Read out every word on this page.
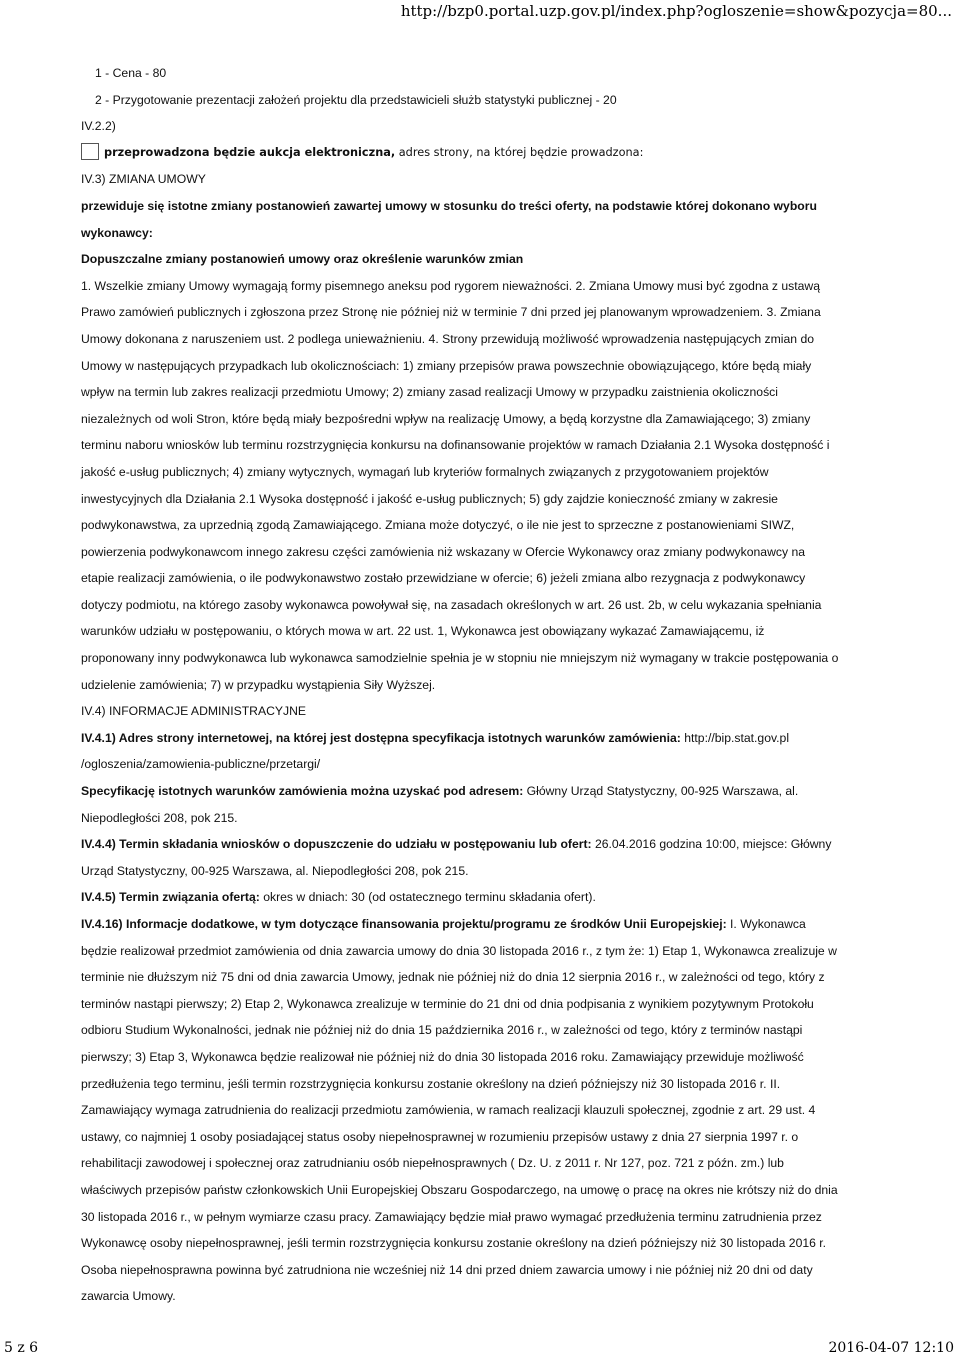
http://bzp0.portal.uzp.gov.pl/index.php?ogloszenie=show&pozycja=80...

1 - Cena - 80

2 - Przygotowanie prezentacji założeń projektu dla przedstawicieli służb statystyki publicznej - 20

IV.2.2)

przeprowadzona będzie aukcja elektroniczna, adres strony, na której będzie prowadzona:

IV.3) ZMIANA UMOWY

przewiduje się istotne zmiany postanowień zawartej umowy w stosunku do treści oferty, na podstawie której dokonano wyboru

wykonawcy:

Dopuszczalne zmiany postanowień umowy oraz określenie warunków zmian

1. Wszelkie zmiany Umowy wymagają formy pisemnego aneksu pod rygorem nieważności. 2. Zmiana Umowy musi być zgodna z ustawą

Prawo zamówień publicznych i zgłoszona przez Stronę nie później niż w terminie 7 dni przed jej planowanym wprowadzeniem. 3. Zmiana

Umowy dokonana z naruszeniem ust. 2 podlega unieważnieniu. 4. Strony przewidują możliwość wprowadzenia następujących zmian do

Umowy w następujących przypadkach lub okolicznościach: 1) zmiany przepisów prawa powszechnie obowiązującego, które będą miały

wpływ na termin lub zakres realizacji przedmiotu Umowy; 2) zmiany zasad realizacji Umowy w przypadku zaistnienia okoliczności

niezależnych od woli Stron, które będą miały bezpośredni wpływ na realizację Umowy, a będą korzystne dla Zamawiającego; 3) zmiany

terminu naboru wniosków lub terminu rozstrzygnięcia konkursu na dofinansowanie projektów w ramach Działania 2.1 Wysoka dostępność i

jakość e-usług publicznych; 4) zmiany wytycznych, wymagań lub kryteriów formalnych związanych z przygotowaniem projektów

inwestycyjnych dla Działania 2.1 Wysoka dostępność i jakość e-usług publicznych; 5) gdy zajdzie konieczność zmiany w zakresie

podwykonawstwa, za uprzednią zgodą Zamawiającego. Zmiana może dotyczyć, o ile nie jest to sprzeczne z postanowieniami SIWZ,

powierzenia podwykonawcom innego zakresu części zamówienia niż wskazany w Ofercie Wykonawcy oraz zmiany podwykonawcy na

etapie realizacji zamówienia, o ile podwykonawstwo zostało przewidziane w ofercie; 6) jeżeli zmiana albo rezygnacja z podwykonawcy

dotyczy podmiotu, na którego zasoby wykonawca powoływał się, na zasadach określonych w art. 26 ust. 2b, w celu wykazania spełniania

warunków udziału w postępowaniu, o których mowa w art. 22 ust. 1, Wykonawca jest obowiązany wykazać Zamawiającemu, iż

proponowany inny podwykonawca lub wykonawca samodzielnie spełnia je w stopniu nie mniejszym niż wymagany w trakcie postępowania o

udzielenie zamówienia; 7) w przypadku wystąpienia Siły Wyższej.

IV.4) INFORMACJE ADMINISTRACYJNE

IV.4.1) Adres strony internetowej, na której jest dostępna specyfikacja istotnych warunków zamówienia: http://bip.stat.gov.pl

/ogloszenia/zamowienia-publiczne/przetargi/

Specyfikację istotnych warunków zamówienia można uzyskać pod adresem: Główny Urząd Statystyczny, 00-925 Warszawa, al.

Niepodległości 208, pok 215.

IV.4.4) Termin składania wniosków o dopuszczenie do udziału w postępowaniu lub ofert: 26.04.2016 godzina 10:00, miejsce: Główny

Urząd Statystyczny, 00-925 Warszawa, al. Niepodległości 208, pok 215.

IV.4.5) Termin związania ofertą: okres w dniach: 30 (od ostatecznego terminu składania ofert).

IV.4.16) Informacje dodatkowe, w tym dotyczące finansowania projektu/programu ze środków Unii Europejskiej: I. Wykonawca

będzie realizował przedmiot zamówienia od dnia zawarcia umowy do dnia 30 listopada 2016 r., z tym że: 1) Etap 1, Wykonawca zrealizuje w

terminie nie dłuższym niż 75 dni od dnia zawarcia Umowy, jednak nie później niż do dnia 12 sierpnia 2016 r., w zależności od tego, który z

terminów nastąpi pierwszy; 2) Etap 2, Wykonawca zrealizuje w terminie do 21 dni od dnia podpisania z wynikiem pozytywnym Protokołu

odbioru Studium Wykonalności, jednak nie później niż do dnia 15 października 2016 r., w zależności od tego, który z terminów nastąpi

pierwszy; 3) Etap 3, Wykonawca będzie realizował nie później niż do dnia 30 listopada 2016 roku. Zamawiający przewiduje możliwość

przedłużenia tego terminu, jeśli termin rozstrzygnięcia konkursu zostanie określony na dzień późniejszy niż 30 listopada 2016 r. II.

Zamawiający wymaga zatrudnienia do realizacji przedmiotu zamówienia, w ramach realizacji klauzuli społecznej, zgodnie z art. 29 ust. 4

ustawy, co najmniej 1 osoby posiadającej status osoby niepełnosprawnej w rozumieniu przepisów ustawy z dnia 27 sierpnia 1997 r. o

rehabilitacji zawodowej i społecznej oraz zatrudnianiu osób niepełnosprawnych ( Dz. U. z 2011 r. Nr 127, poz. 721 z późn. zm.) lub

właściwych przepisów państw członkowskich Unii Europejskiej Obszaru Gospodarczego, na umowę o pracę na okres nie krótszy niż do dnia

30 listopada 2016 r., w pełnym wymiarze czasu pracy. Zamawiający będzie miał prawo wymagać przedłużenia terminu zatrudnienia przez

Wykonawcę osoby niepełnosprawnej, jeśli termin rozstrzygnięcia konkursu zostanie określony na dzień późniejszy niż 30 listopada 2016 r.

Osoba niepełnosprawna powinna być zatrudniona nie wcześniej niż 14 dni przed dniem zawarcia umowy i nie później niż 20 dni od daty

zawarcia Umowy.

5 z 6	2016-04-07 12:10
